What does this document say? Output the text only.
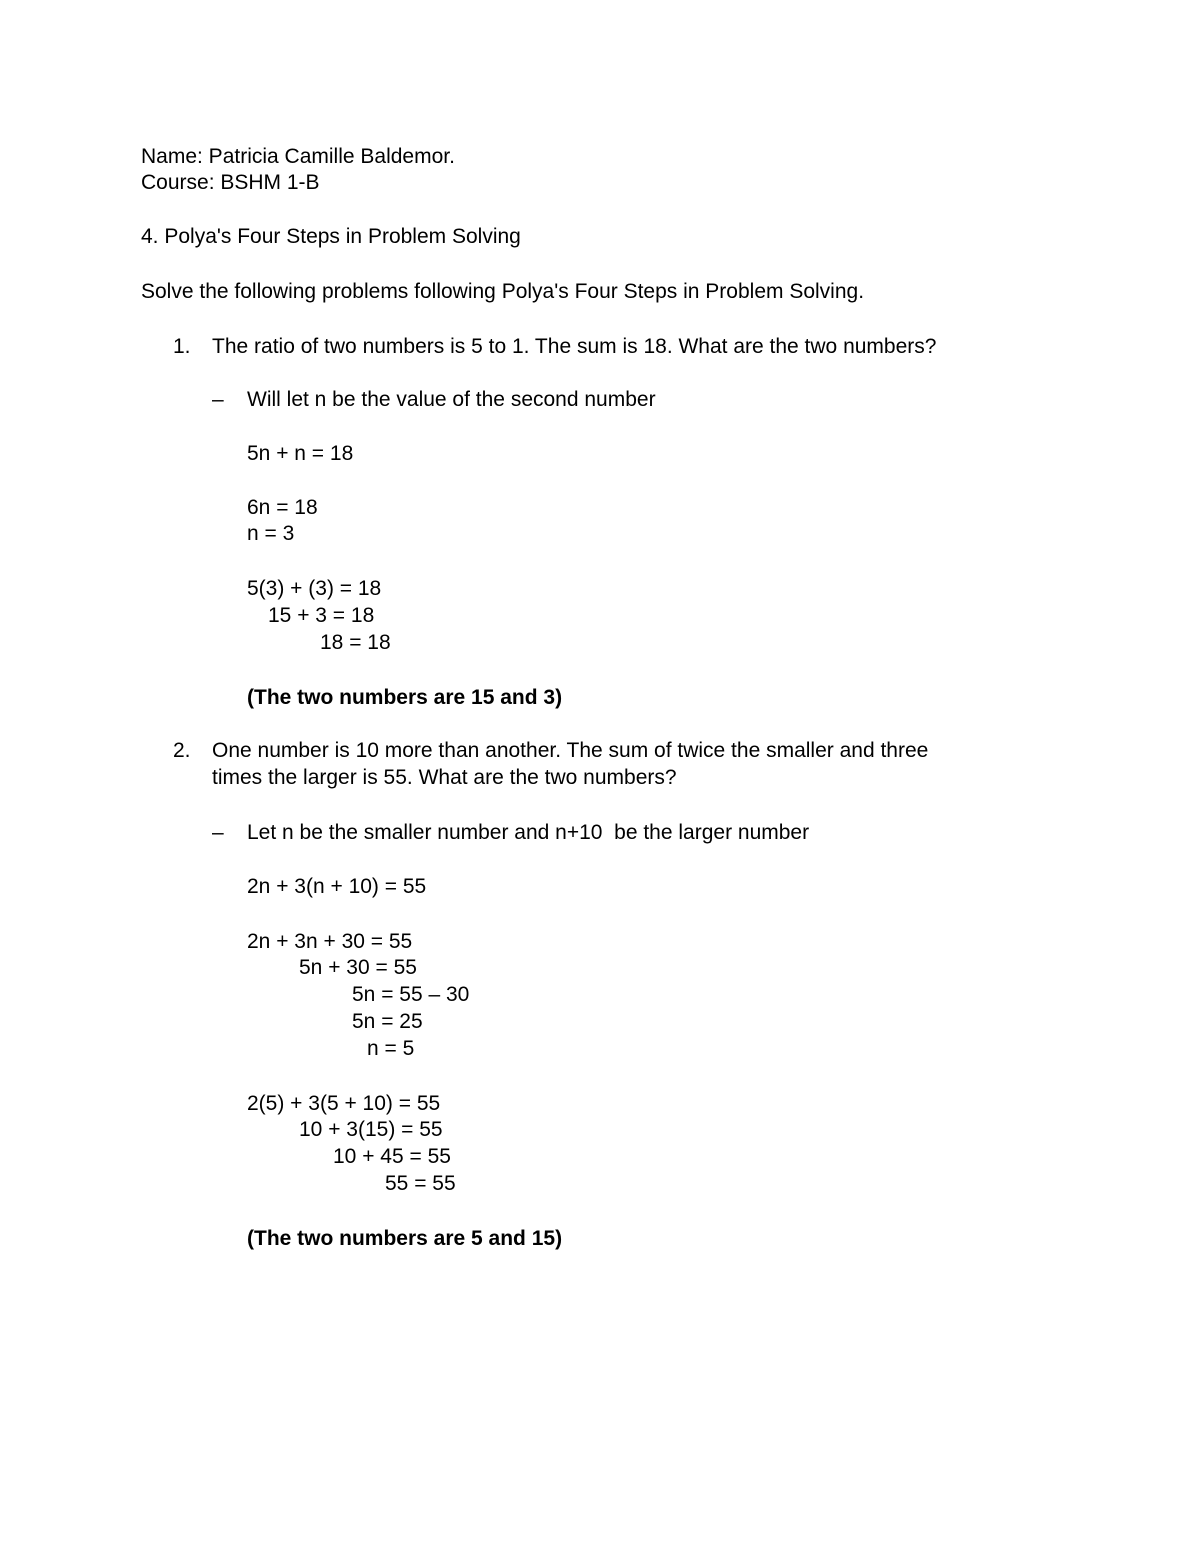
Name: Patricia Camille Baldemor.

Course: BSHM 1-B

4. Polya's Four Steps in Problem Solving

Solve the following problems following Polya's Four Steps in Problem Solving.

1. The ratio of two numbers is 5 to 1. The sum is 18. What are the two numbers?

– Will let n be the value of the second number

5n + n = 18

6n = 18

n = 3

5(3) + (3) = 18

15 + 3 = 18

18 = 18

(The two numbers are 15 and 3)

2. One number is 10 more than another. The sum of twice the smaller and three

times the larger is 55. What are the two numbers?

– Let n be the smaller number and n+10  be the larger number

2n + 3(n + 10) = 55

2n + 3n + 30 = 55

5n + 30 = 55

5n = 55 – 30

5n = 25

n = 5

2(5) + 3(5 + 10) = 55

10 + 3(15) = 55

10 + 45 = 55

55 = 55

(The two numbers are 5 and 15)
